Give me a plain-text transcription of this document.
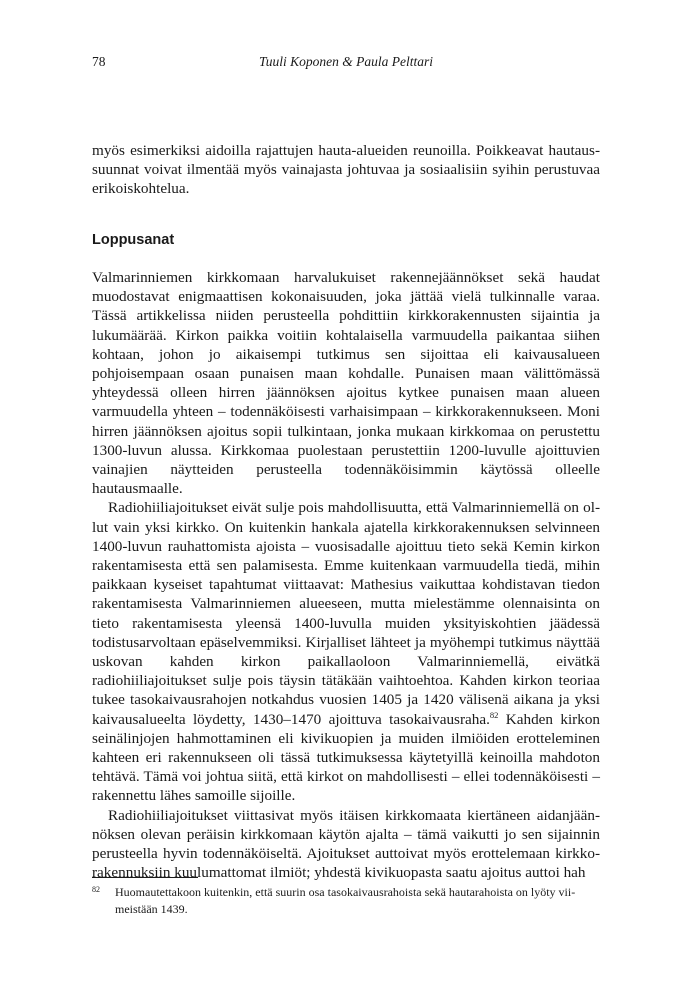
78	Tuuli Koponen & Paula Pelttari

myös esimerkiksi aidoilla rajattujen hauta-alueiden reunoilla. Poikkeavat hautaussuunnat voivat ilmentää myös vainajasta johtuvaa ja sosiaalisiin syihin perustuvaa erikoiskohtelua.

Loppusanat

Valmarinniemen kirkkomaan harvalukuiset rakennejäännökset sekä haudat muodostavat enigmaattisen kokonaisuuden, joka jättää vielä tulkinnalle varaa. Tässä artikkelissa niiden perusteella pohdittiin kirkkorakennusten sijaintia ja lukumäärää. Kirkon paikka voitiin kohtalaisella varmuudella paikantaa siihen kohtaan, johon jo aikaisempi tutkimus sen sijoittaa eli kaivausalueen pohjoisempaan osaan punaisen maan kohdalle. Punaisen maan välittömässä yhteydessä olleen hirren jäännöksen ajoitus kytkee punaisen maan alueen varmuudella yhteen – todennäköisesti varhaisimpaan – kirkkorakennukseen. Moni hirren jäännöksen ajoitus sopii tulkintaan, jonka mukaan kirkkomaa on perustettu 1300-luvun alussa. Kirkkomaa puolestaan perustettiin 1200-luvulle ajoittuvien vainajien näytteiden perusteella todennäköisimmin käytössä olleelle hautausmaalle.

Radiohiiliajoitukset eivät sulje pois mahdollisuutta, että Valmarinniemellä on ollut vain yksi kirkko. On kuitenkin hankala ajatella kirkkorakennuksen selvinneen 1400-luvun rauhattomista ajoista – vuosisadalle ajoittuu tieto sekä Kemin kirkon rakentamisesta että sen palamisesta. Emme kuitenkaan varmuudella tiedä, mihin paikkaan kyseiset tapahtumat viittaavat: Mathesius vaikuttaa kohdistavan tiedon rakentamisesta Valmarinniemen alueeseen, mutta mielestämme olennaisinta on tieto rakentamisesta yleensä 1400-luvulla muiden yksityiskohtien jäädessä todistusarvoltaan epäselvemmiksi. Kirjalliset lähteet ja myöhempi tutkimus näyttää uskovan kahden kirkon paikallaoloon Valmarinniemellä, eivätkä radiohiiliajoitukset sulje pois täysin tätäkään vaihtoehtoa. Kahden kirkon teoriaa tukee tasokaivausrahojen notkahdus vuosien 1405 ja 1420 välisenä aikana ja yksi kaivausalueelta löydetty, 1430–1470 ajoittuva tasokaivausraha.$^{82}$ Kahden kirkon seinälinjojen hahmottaminen eli kivikuopien ja muiden ilmiöiden erotteleminen kahteen eri rakennukseen oli tässä tutkimuksessa käytetyillä keinoilla mahdoton tehtävä. Tämä voi johtua siitä, että kirkot on mahdollisesti – ellei todennäköisesti – rakennettu lähes samoille sijoille.

Radiohiiliajoitukset viittasivat myös itäisen kirkkomaata kiertäneen aidanjäännöksen olevan peräisin kirkkomaan käytön ajalta – tämä vaikutti jo sen sijainnin perusteella hyvin todennäköiseltä. Ajoitukset auttoivat myös erottelemaan kirkkorakennuksiin kuulumattomat ilmiöt; yhdestä kivikuopasta saatu ajoitus auttoi hah

82 Huomautettakoon kuitenkin, että suurin osa tasokaivausrahoista sekä hautarahoista on lyöty viimeistään 1439.
